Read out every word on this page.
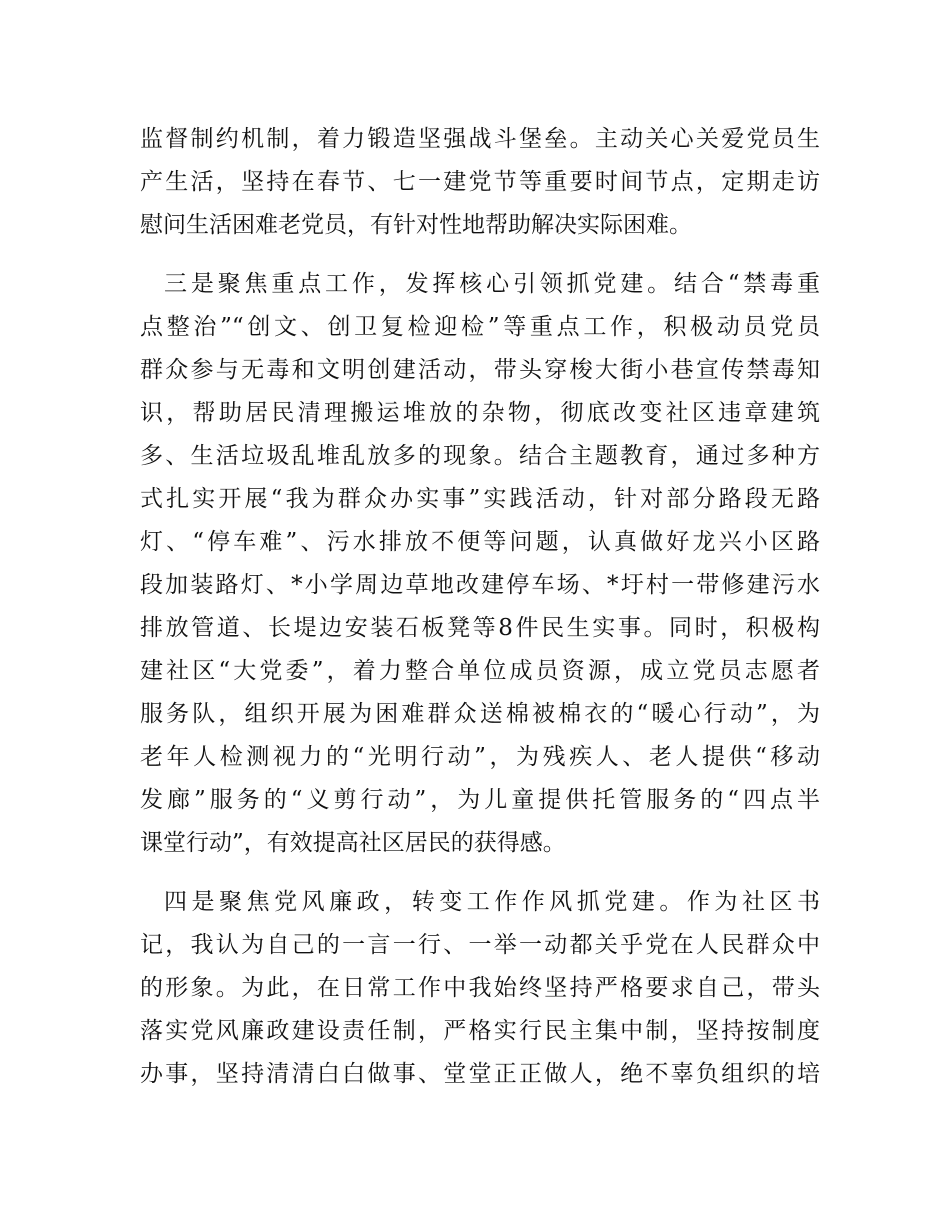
监督制约机制，着力锻造坚强战斗堡垒。主动关心关爱党员生
产生活，坚持在春节、七一建党节等重要时间节点，定期走访
慰问生活困难老党员，有针对性地帮助解决实际困难。
三是聚焦重点工作，发挥核心引领抓党建。结合“禁毒重
点整治”“创文、创卫复检迎检”等重点工作，积极动员党员
群众参与无毒和文明创建活动，带头穿梭大街小巷宣传禁毒知
识，帮助居民清理搬运堆放的杂物，彻底改变社区违章建筑
多、生活垃圾乱堆乱放多的现象。结合主题教育，通过多种方
式扎实开展“我为群众办实事”实践活动，针对部分路段无路
灯、“停车难”、污水排放不便等问题，认真做好龙兴小区路
段加装路灯、*小学周边草地改建停车场、*圩村一带修建污水
排放管道、长堤边安装石板凳等8件民生实事。同时，积极构
建社区“大党委”，着力整合单位成员资源，成立党员志愿者
服务队，组织开展为困难群众送棉被棉衣的“暖心行动”，为
老年人检测视力的“光明行动”，为残疾人、老人提供“移动
发廊”服务的“义剪行动”，为儿童提供托管服务的“四点半
课堂行动”，有效提高社区居民的获得感。
四是聚焦党风廉政，转变工作作风抓党建。作为社区书
记，我认为自己的一言一行、一举一动都关乎党在人民群众中
的形象。为此，在日常工作中我始终坚持严格要求自己，带头
落实党风廉政建设责任制，严格实行民主集中制，坚持按制度
办事，坚持清清白白做事、堂堂正正做人，绝不辜负组织的培
